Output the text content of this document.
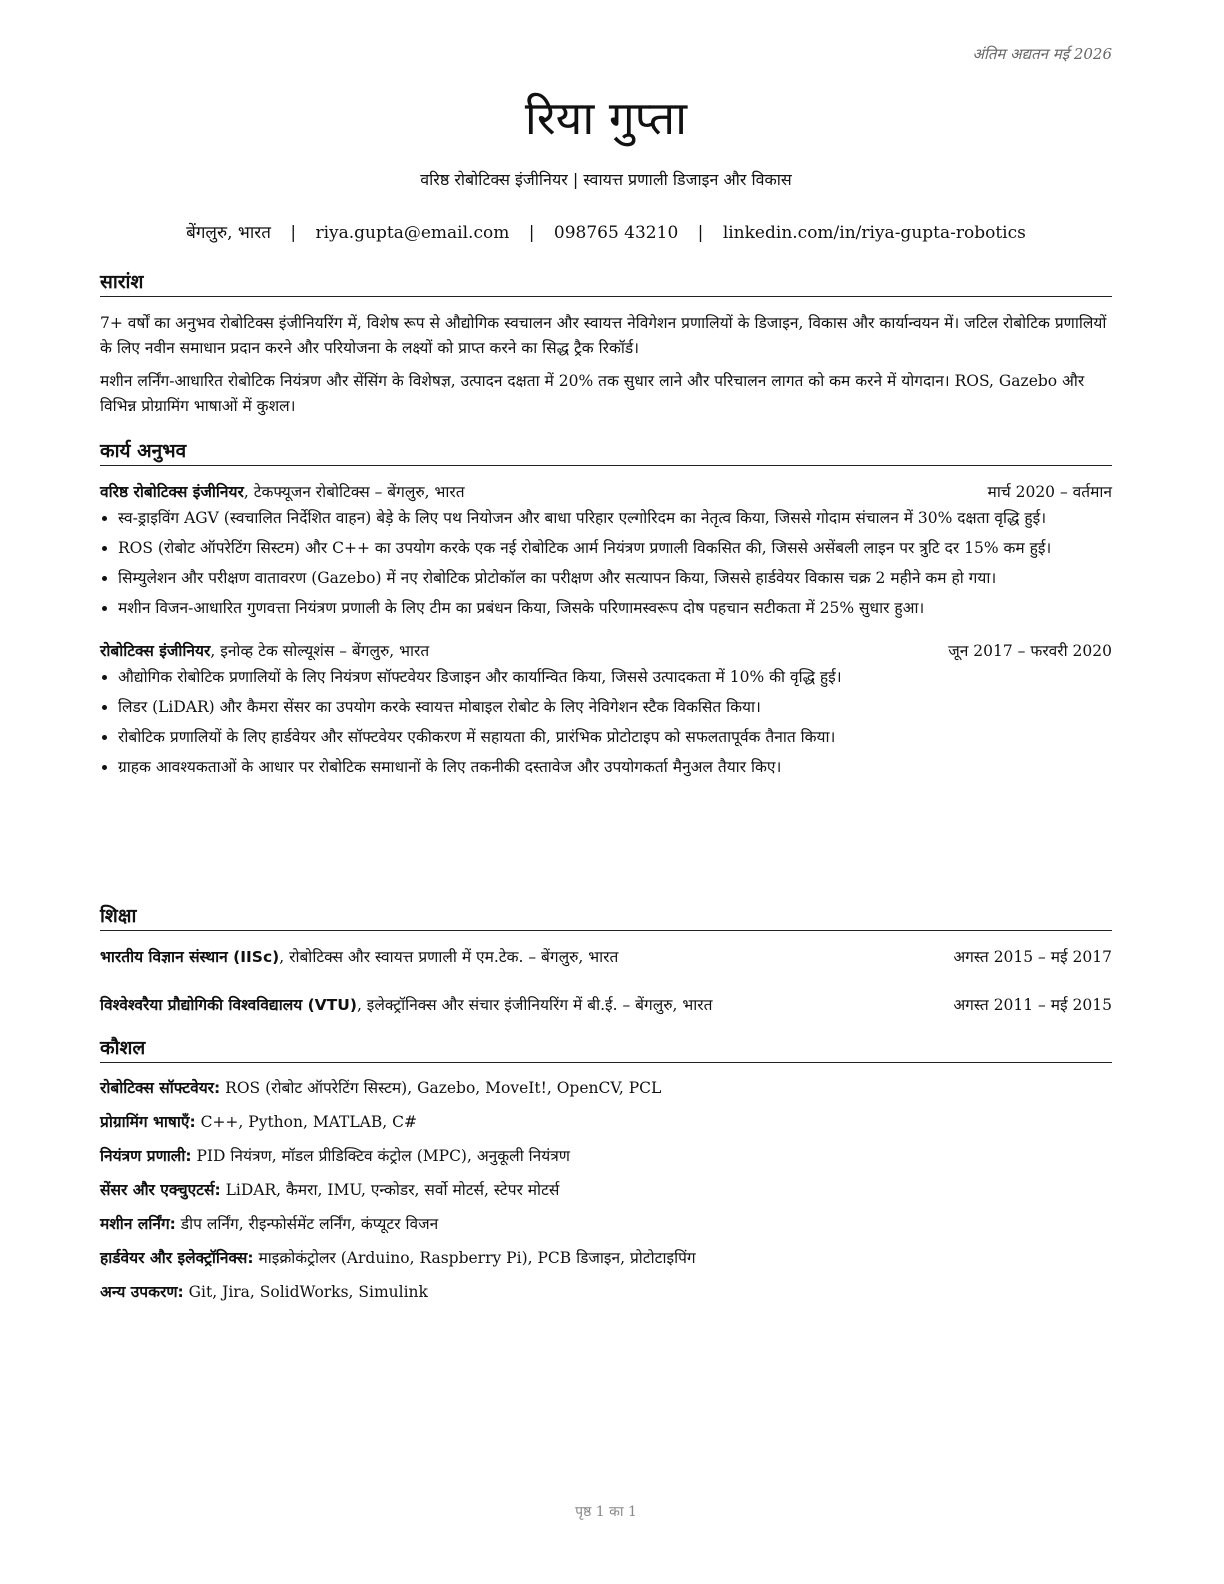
अंतिम अद्यतन मई 2026
रिया गुप्ता
वरिष्ठ रोबोटिक्स इंजीनियर | स्वायत्त प्रणाली डिजाइन और विकास
बेंगलुरु, भारत | riya.gupta@email.com | 098765 43210 | linkedin.com/in/riya-gupta-robotics
सारांश

7+ वर्षों का अनुभव रोबोटिक्स इंजीनियरिंग में, विशेष रूप से औद्योगिक स्वचालन और स्वायत्त नेविगेशन प्रणालियों के डिजाइन, विकास और कार्यान्वयन में। जटिल रोबोटिक प्रणालियों के लिए नवीन समाधान प्रदान करने और परियोजना के लक्ष्यों को प्राप्त करने का सिद्ध ट्रैक रिकॉर्ड।

मशीन लर्निंग-आधारित रोबोटिक नियंत्रण और सेंसिंग के विशेषज्ञ, उत्पादन दक्षता में 20% तक सुधार लाने और परिचालन लागत को कम करने में योगदान। ROS, Gazebo और विभिन्न प्रोग्रामिंग भाषाओं में कुशल।

कार्य अनुभव
वरिष्ठ रोबोटिक्स इंजीनियर, टेकफ्यूजन रोबोटिक्स – बेंगलुरु, भारत	मार्च 2020 – वर्तमान
• स्व-ड्राइविंग AGV (स्वचालित निर्देशित वाहन) बेड़े के लिए पथ नियोजन और बाधा परिहार एल्गोरिदम का नेतृत्व किया, जिससे गोदाम संचालन में 30% दक्षता वृद्धि हुई।
• ROS (रोबोट ऑपरेटिंग सिस्टम) और C++ का उपयोग करके एक नई रोबोटिक आर्म नियंत्रण प्रणाली विकसित की, जिससे असेंबली लाइन पर त्रुटि दर 15% कम हुई।
• सिम्युलेशन और परीक्षण वातावरण (Gazebo) में नए रोबोटिक प्रोटोकॉल का परीक्षण और सत्यापन किया, जिससे हार्डवेयर विकास चक्र 2 महीने कम हो गया।
• मशीन विजन-आधारित गुणवत्ता नियंत्रण प्रणाली के लिए टीम का प्रबंधन किया, जिसके परिणामस्वरूप दोष पहचान सटीकता में 25% सुधार हुआ।
रोबोटिक्स इंजीनियर, इनोव्ह टेक सोल्यूशंस – बेंगलुरु, भारत	जून 2017 – फरवरी 2020
• औद्योगिक रोबोटिक प्रणालियों के लिए नियंत्रण सॉफ्टवेयर डिजाइन और कार्यान्वित किया, जिससे उत्पादकता में 10% की वृद्धि हुई।
• लिडर (LiDAR) और कैमरा सेंसर का उपयोग करके स्वायत्त मोबाइल रोबोट के लिए नेविगेशन स्टैक विकसित किया।
• रोबोटिक प्रणालियों के लिए हार्डवेयर और सॉफ्टवेयर एकीकरण में सहायता की, प्रारंभिक प्रोटोटाइप को सफलतापूर्वक तैनात किया।
• ग्राहक आवश्यकताओं के आधार पर रोबोटिक समाधानों के लिए तकनीकी दस्तावेज और उपयोगकर्ता मैनुअल तैयार किए।
शिक्षा
भारतीय विज्ञान संस्थान (IISc), रोबोटिक्स और स्वायत्त प्रणाली में एम.टेक. – बेंगलुरु, भारत	अगस्त 2015 – मई 2017
विश्वेश्वरैया प्रौद्योगिकी विश्वविद्यालय (VTU), इलेक्ट्रॉनिक्स और संचार इंजीनियरिंग में बी.ई. – बेंगलुरु, भारत	अगस्त 2011 – मई 2015
कौशल
रोबोटिक्स सॉफ्टवेयर: ROS (रोबोट ऑपरेटिंग सिस्टम), Gazebo, MoveIt!, OpenCV, PCL
प्रोग्रामिंग भाषाएँ: C++, Python, MATLAB, C#
नियंत्रण प्रणाली: PID नियंत्रण, मॉडल प्रीडिक्टिव कंट्रोल (MPC), अनुकूली नियंत्रण
सेंसर और एक्चुएटर्स: LiDAR, कैमरा, IMU, एन्कोडर, सर्वो मोटर्स, स्टेपर मोटर्स
मशीन लर्निंग: डीप लर्निंग, रीइन्फोर्समेंट लर्निंग, कंप्यूटर विजन
हार्डवेयर और इलेक्ट्रॉनिक्स: माइक्रोकंट्रोलर (Arduino, Raspberry Pi), PCB डिजाइन, प्रोटोटाइपिंग
अन्य उपकरण: Git, Jira, SolidWorks, Simulink
पृष्ठ 1 का 1
